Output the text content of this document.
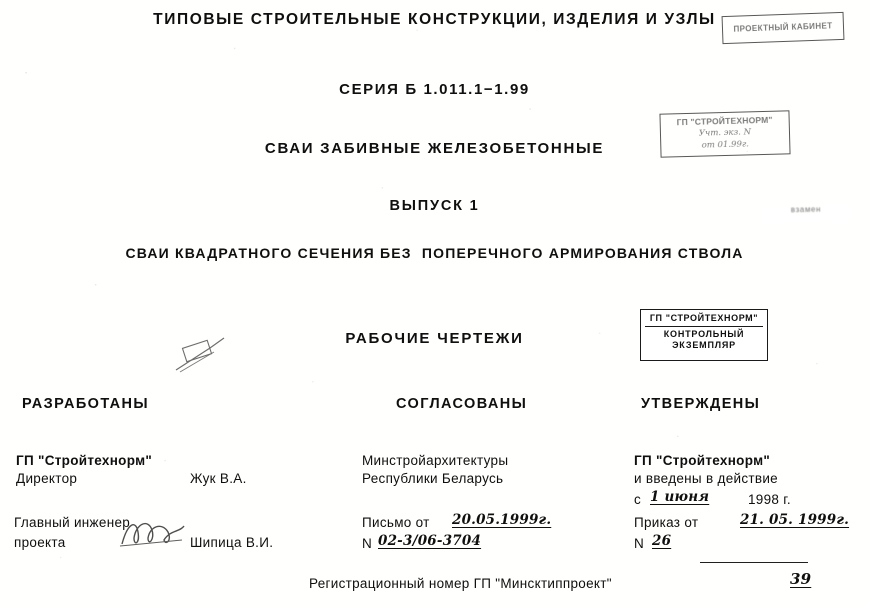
ТИПОВЫЕ СТРОИТЕЛЬНЫЕ КОНСТРУКЦИИ, ИЗДЕЛИЯ И УЗЛЫ
СЕРИЯ Б 1.011.1−1.99
СВАИ ЗАБИВНЫЕ ЖЕЛЕЗОБЕТОННЫЕ
ВЫПУСК 1
СВАИ КВАДРАТНОГО СЕЧЕНИЯ БЕЗ  ПОПЕРЕЧНОГО АРМИРОВАНИЯ СТВОЛА
РАБОЧИЕ ЧЕРТЕЖИ
РАЗРАБОТАНЫ	СОГЛАСОВАНЫ	УТВЕРЖДЕНЫ
ГП "Стройтехнорм"
Директор	Жук В.А.
Главный инженер
проекта	Шипица В.И.
Минстройархитектуры
Республики Беларусь
Письмо от 20.05.1999г.
N 02-3/06-3704
ГП "Стройтехнорм"
и введены в действие
с 1 июня	1998 г.
Приказ от	21. 05. 1999г.
N 26
Регистрационный номер ГП "Минсктиппроект"	39
ПРОЕКТНЫЙ КАБИНЕТ
ГП "СТРОЙТЕХНОРМ"
Учт. экз. N
от 01.99г.
взамен
ГП "СТРОЙТЕХНОРМ"
КОНТРОЛЬНЫЙ
ЭКЗЕМПЛЯР
